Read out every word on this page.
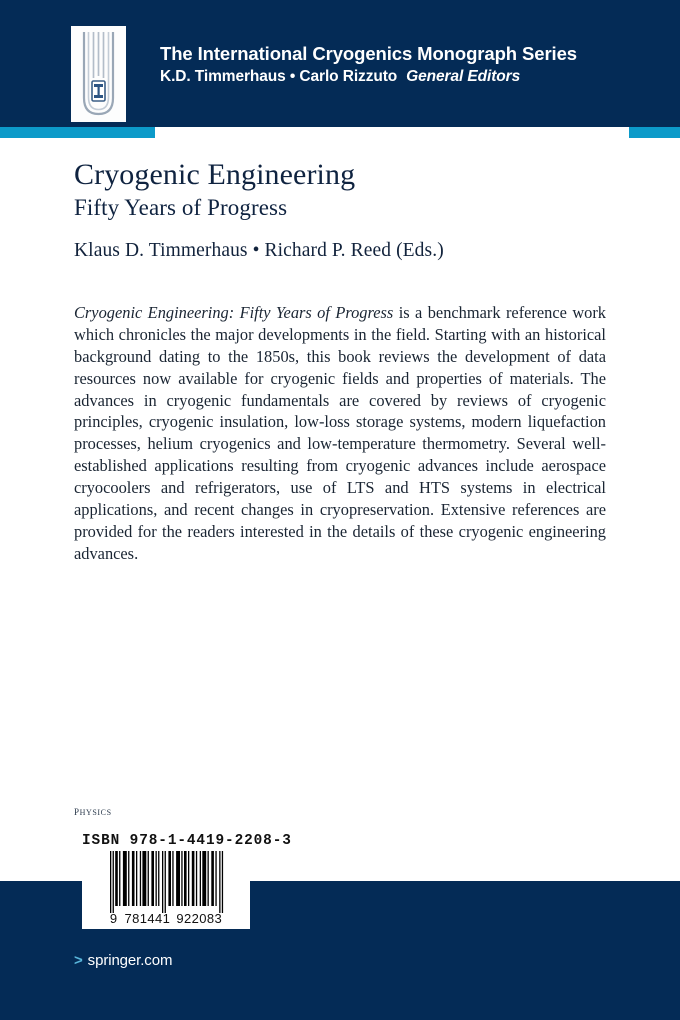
The International Cryogenics Monograph Series
K.D. Timmerhaus • Carlo Rizzuto General Editors
Cryogenic Engineering
Fifty Years of Progress
Klaus D. Timmerhaus • Richard P. Reed (Eds.)
Cryogenic Engineering: Fifty Years of Progress is a benchmark reference work which chronicles the major developments in the field. Starting with an historical background dating to the 1850s, this book reviews the development of data resources now available for cryogenic fields and properties of materials. The advances in cryogenic fundamentals are covered by reviews of cryogenic principles, cryogenic insulation, low-loss storage systems, modern liquefaction processes, helium cryogenics and low-temperature thermometry. Several well-established applications resulting from cryogenic advances include aerospace cryocoolers and refrigerators, use of LTS and HTS systems in electrical applications, and recent changes in cryopreservation. Extensive references are provided for the readers interested in the details of these cryogenic engineering advances.
physics
ISBN 978-1-4419-2208-3
9 781441 922083
> springer.com
